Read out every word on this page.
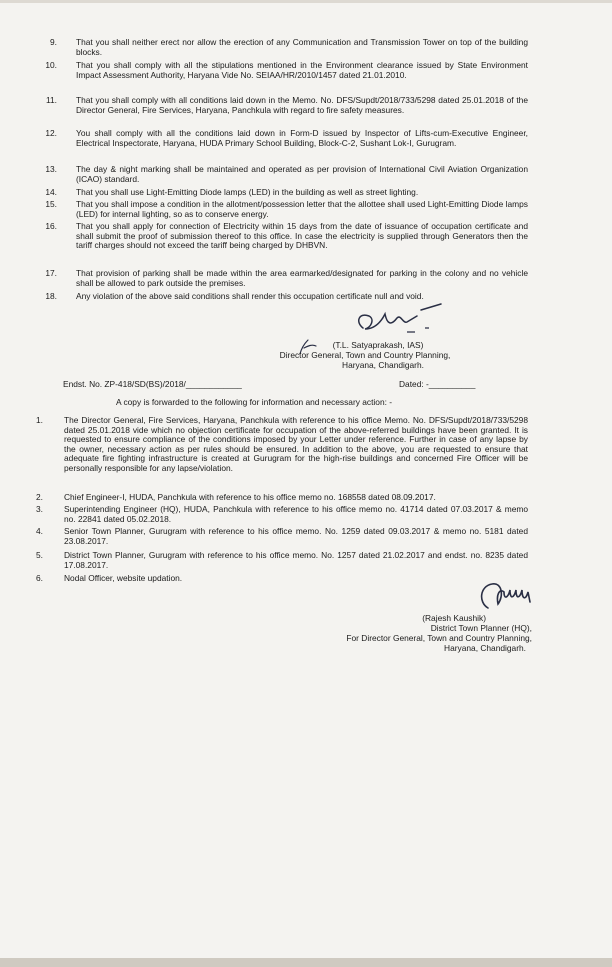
9. That you shall neither erect nor allow the erection of any Communication and Transmission Tower on top of the building blocks.
10. That you shall comply with all the stipulations mentioned in the Environment clearance issued by State Environment Impact Assessment Authority, Haryana Vide No. SEIAA/HR/2010/1457 dated 21.01.2010.
11. That you shall comply with all conditions laid down in the Memo. No. DFS/Supdt/2018/733/5298 dated 25.01.2018 of the Director General, Fire Services, Haryana, Panchkula with regard to fire safety measures.
12. You shall comply with all the conditions laid down in Form-D issued by Inspector of Lifts-cum-Executive Engineer, Electrical Inspectorate, Haryana, HUDA Primary School Building, Block-C-2, Sushant Lok-I, Gurugram.
13. The day & night marking shall be maintained and operated as per provision of International Civil Aviation Organization (ICAO) standard.
14. That you shall use Light-Emitting Diode lamps (LED) in the building as well as street lighting.
15. That you shall impose a condition in the allotment/possession letter that the allottee shall used Light-Emitting Diode lamps (LED) for internal lighting, so as to conserve energy.
16. That you shall apply for connection of Electricity within 15 days from the date of issuance of occupation certificate and shall submit the proof of submission thereof to this office. In case the electricity is supplied through Generators then the tariff charges should not exceed the tariff being charged by DHBVN.
17. That provision of parking shall be made within the area earmarked/designated for parking in the colony and no vehicle shall be allowed to park outside the premises.
18. Any violation of the above said conditions shall render this occupation certificate null and void.
(T.L. Satyaprakash, IAS)
Director General, Town and Country Planning,
Haryana, Chandigarh.
Endst. No. ZP-418/SD(BS)/2018/____________	Dated: -__________
A copy is forwarded to the following for information and necessary action: -
1.	The Director General, Fire Services, Haryana, Panchkula with reference to his office Memo. No. DFS/Supdt/2018/733/5298 dated 25.01.2018 vide which no objection certificate for occupation of the above-referred buildings have been granted. It is requested to ensure compliance of the conditions imposed by your Letter under reference. Further in case of any lapse by the owner, necessary action as per rules should be ensured. In addition to the above, you are requested to ensure that adequate fire fighting infrastructure is created at Gurugram for the high-rise buildings and concerned Fire Officer will be personally responsible for any lapse/violation.
2.	Chief Engineer-I, HUDA, Panchkula with reference to his office memo no. 168558 dated 08.09.2017.
3.	Superintending Engineer (HQ), HUDA, Panchkula with reference to his office memo no. 41714 dated 07.03.2017 & memo no. 22841 dated 05.02.2018.
4.	Senior Town Planner, Gurugram with reference to his office memo. No. 1259 dated 09.03.2017 & memo no. 5181 dated 23.08.2017.
5.	District Town Planner, Gurugram with reference to his office memo. No. 1257 dated 21.02.2017 and endst. no. 8235 dated 17.08.2017.
6.	Nodal Officer, website updation.
(Rajesh Kaushik)
District Town Planner (HQ),
For Director General, Town and Country Planning,
Haryana, Chandigarh.
